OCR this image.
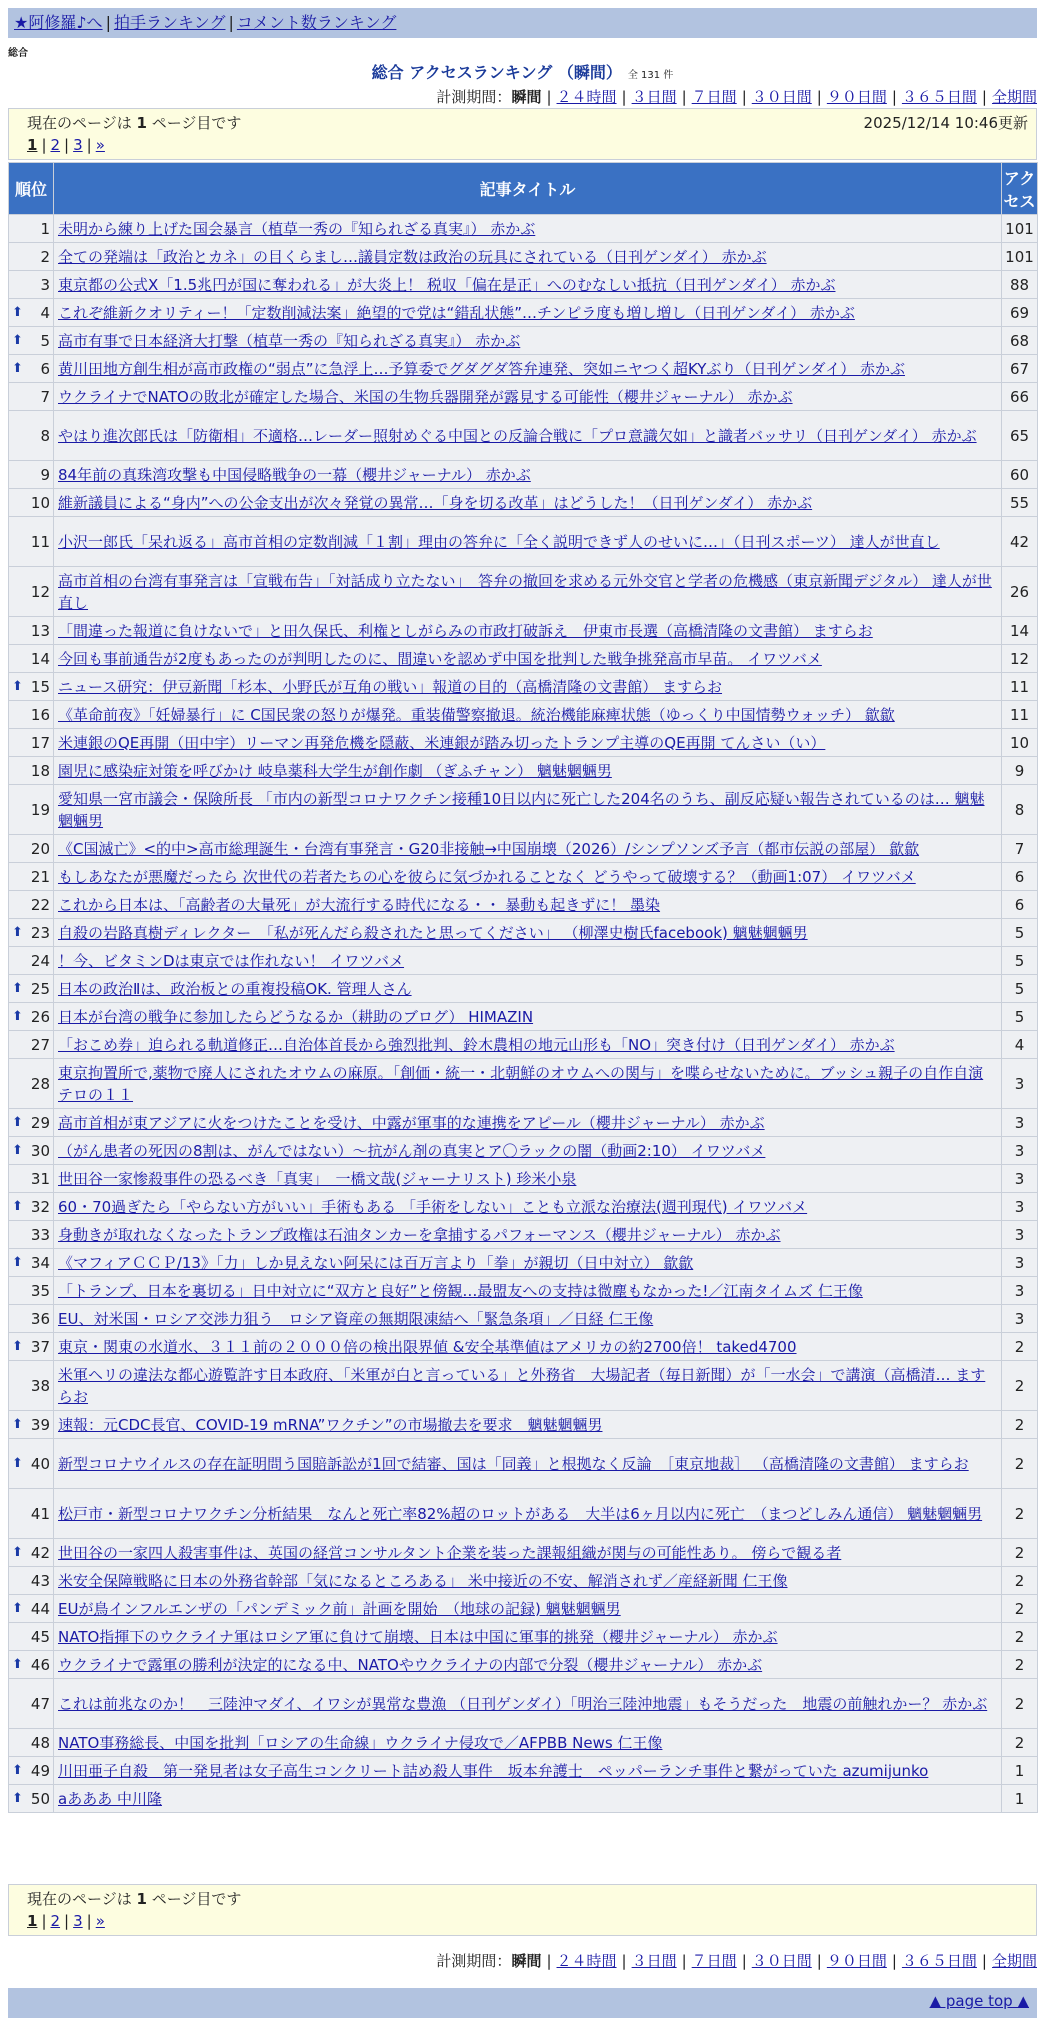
★阿修羅♪へ | 拍手ランキング | コメント数ランキング
総合
総合 アクセスランキング （瞬間） 全 131 件
計測期間：瞬間 | ２４時間 | ３日間 | ７日間 | ３０日間 | ９０日間 | ３６５日間 | 全期間
現在のページは 1 ページ目です	2025/12/14 10:46更新
1 | 2 | 3 | »
順位	記事タイトル	アクセス
1	未明から練り上げた国会暴言（植草一秀の『知られざる真実』） 赤かぶ	101
2	全ての発端は「政治とカネ」の目くらまし…議員定数は政治の玩具にされている（日刊ゲンダイ） 赤かぶ	101
3	東京都の公式X「1.5兆円が国に奪われる」が大炎上！ 税収「偏在是正」へのむなしい抵抗（日刊ゲンダイ） 赤かぶ	88

⬆ 4	これぞ維新クオリティー！「定数削減法案」絶望的で党は“錯乱状態”…チンピラ度も増し増し（日刊ゲンダイ） 赤かぶ	69

⬆ 5	高市有事で日本経済大打撃（植草一秀の『知られざる真実』） 赤かぶ	68

⬆ 6	黄川田地方創生相が高市政権の“弱点”に急浮上…予算委でグダグダ答弁連発、突如ニヤつく超KYぶり（日刊ゲンダイ） 赤かぶ	67
7	ウクライナでNATOの敗北が確定した場合、米国の生物兵器開発が露見する可能性（櫻井ジャーナル） 赤かぶ	66
8	やはり進次郎氏は「防衛相」不適格…レーダー照射めぐる中国との反論合戦に「プロ意識欠如」と識者バッサリ（日刊ゲンダイ） 赤かぶ	65
9	84年前の真珠湾攻撃も中国侵略戦争の一幕（櫻井ジャーナル） 赤かぶ	60
10	維新議員による“身内”への公金支出が次々発覚の異常…「身を切る改革」はどうした！（日刊ゲンダイ） 赤かぶ	55
11	小沢一郎氏「呆れ返る」高市首相の定数削減「１割」理由の答弁に「全く説明できず人のせいに…」（日刊スポーツ） 達人が世直し	42
12	高市首相の台湾有事発言は「宣戦布告」「対話成り立たない」　答弁の撤回を求める元外交官と学者の危機感（東京新聞デジタル） 達人が世直し	26
13	「間違った報道に負けないで」と田久保氏、利権としがらみの市政打破訴え　伊東市長選（高橋清隆の文書館） ますらお	14
14	今回も事前通告が2度もあったのが判明したのに、間違いを認めず中国を批判した戦争挑発高市早苗。 イワツバメ	12

⬆ 15	ニュース研究：伊豆新聞「杉本、小野氏が互角の戦い」報道の目的（高橋清隆の文書館） ますらお	11
16	《革命前夜》「妊婦暴行」に C国民衆の怒りが爆発。重装備警察撤退。統治機能麻痺状態（ゆっくり中国情勢ウォッチ） 歙歙	11
17	米連銀のQE再開（田中宇）リーマン再発危機を隠蔽、米連銀が踏み切ったトランプ主導のQE再開 てんさい（い）	10
18	園児に感染症対策を呼びかけ 岐阜薬科大学生が創作劇 （ぎふチャン） 魑魅魍魎男	9
19	愛知県一宮市議会・保険所長 「市内の新型コロナワクチン接種10日以内に死亡した204名のうち、副反応疑い報告されているのは… 魑魅魍魎男	8
20	《C国滅亡》<的中>高市総理誕生・台湾有事発言・G20非接触→中国崩壊（2026）/シンプソンズ予言（都市伝説の部屋） 歙歙	7
21	もしあなたが悪魔だったら 次世代の若者たちの心を彼らに気づかれることなく どうやって破壊する？（動画1:07） イワツバメ	6
22	これから日本は、「高齢者の大量死」が大流行する時代になる・・ 暴動も起きずに！ 墨染	6

⬆ 23	自殺の岩路真樹ディレクター　「私が死んだら殺されたと思ってください」 （柳澤史樹氏facebook) 魑魅魍魎男	5
24	！今、ビタミンDは東京では作れない！ イワツバメ	5

⬆ 25	日本の政治Ⅱは、政治板との重複投稿OK. 管理人さん	5

⬆ 26	日本が台湾の戦争に参加したらどうなるか（耕助のブログ） HIMAZIN	5
27	「おこめ券」迫られる軌道修正…自治体首長から強烈批判、鈴木農相の地元山形も「NO」突き付け（日刊ゲンダイ） 赤かぶ	4
28	東京拘置所で,薬物で廃人にされたオウムの麻原。「創価・統一・北朝鮮のオウムへの関与」を喋らせないために。ブッシュ親子の自作自演テロの１１	3

⬆ 29	高市首相が東アジアに火をつけたことを受け、中露が軍事的な連携をアピール（櫻井ジャーナル） 赤かぶ	3

⬆ 30	（がん患者の死因の8割は、がんではない）～抗がん剤の真実とア〇ラックの闇（動画2:10） イワツバメ	3
31	世田谷一家惨殺事件の恐るべき「真実」　一橋文哉(ジャーナリスト) 珍米小泉	3

⬆ 32	60・70過ぎたら「やらない方がいい」手術もある 「手術をしない」ことも立派な治療法(週刊現代) イワツバメ	3
33	身動きが取れなくなったトランプ政権は石油タンカーを拿捕するパフォーマンス（櫻井ジャーナル） 赤かぶ	3

⬆ 34	《マフィアＣＣＰ/13》「力」しか見えない阿呆には百万言より「拳」が親切（日中対立） 歙歙	3
35	「トランプ、日本を裏切る」日中対立に“双方と良好”と傍観…最盟友への支持は微塵もなかった!／江南タイムズ 仁王像	3
36	EU、対米国・ロシア交渉力狙う　ロシア資産の無期限凍結へ「緊急条項」／日経 仁王像	3

⬆ 37	東京・関東の水道水、３１１前の２０００倍の検出限界値 &安全基準値はアメリカの約2700倍！ taked4700	2
38	米軍ヘリの違法な都心遊覧許す日本政府、「米軍が白と言っている」と外務省　大場記者（毎日新聞）が「一水会」で講演（高橋清… ますらお	2

⬆ 39	速報：元CDC長官、COVID-19 mRNA”ワクチン”の市場撤去を要求　魑魅魍魎男	2

⬆ 40	新型コロナウイルスの存在証明問う国賠訴訟が1回で結審、国は「同義」と根拠なく反論　［東京地裁］ （高橋清隆の文書館） ますらお	2
41	松戸市・新型コロナワクチン分析結果　なんと死亡率82%超のロットがある　大半は6ヶ月以内に死亡　（まつどしみん通信） 魑魅魍魎男	2

⬆ 42	世田谷の一家四人殺害事件は、英国の経営コンサルタント企業を装った課報組織が関与の可能性あり。 傍らで観る者	2
43	米安全保障戦略に日本の外務省幹部「気になるところある」 米中接近の不安、解消されず／産経新聞 仁王像	2

⬆ 44	EUが鳥インフルエンザの「パンデミック前」計画を開始　（地球の記録) 魑魅魍魎男	2
45	NATO指揮下のウクライナ軍はロシア軍に負けて崩壊、日本は中国に軍事的挑発（櫻井ジャーナル） 赤かぶ	2

⬆ 46	ウクライナで露軍の勝利が決定的になる中、NATOやウクライナの内部で分裂（櫻井ジャーナル） 赤かぶ	2
47	これは前兆なのか！　三陸沖マダイ、イワシが異常な豊漁 （日刊ゲンダイ）「明治三陸沖地震」もそうだった　地震の前触れかー？ 赤かぶ	2
48	NATO事務総長、中国を批判「ロシアの生命線」ウクライナ侵攻で／AFPBB News 仁王像	2

⬆ 49	川田亜子自殺　第一発見者は女子高生コンクリート詰め殺人事件　坂本弁護士　ペッパーランチ事件と繋がっていた azumijunko	1

⬆ 50	aあああ 中川隆	1
現在のページは 1 ページ目です
1 | 2 | 3 | »
計測期間：瞬間 | ２４時間 | ３日間 | ７日間 | ３０日間 | ９０日間 | ３６５日間 | 全期間
▲ page top ▲
